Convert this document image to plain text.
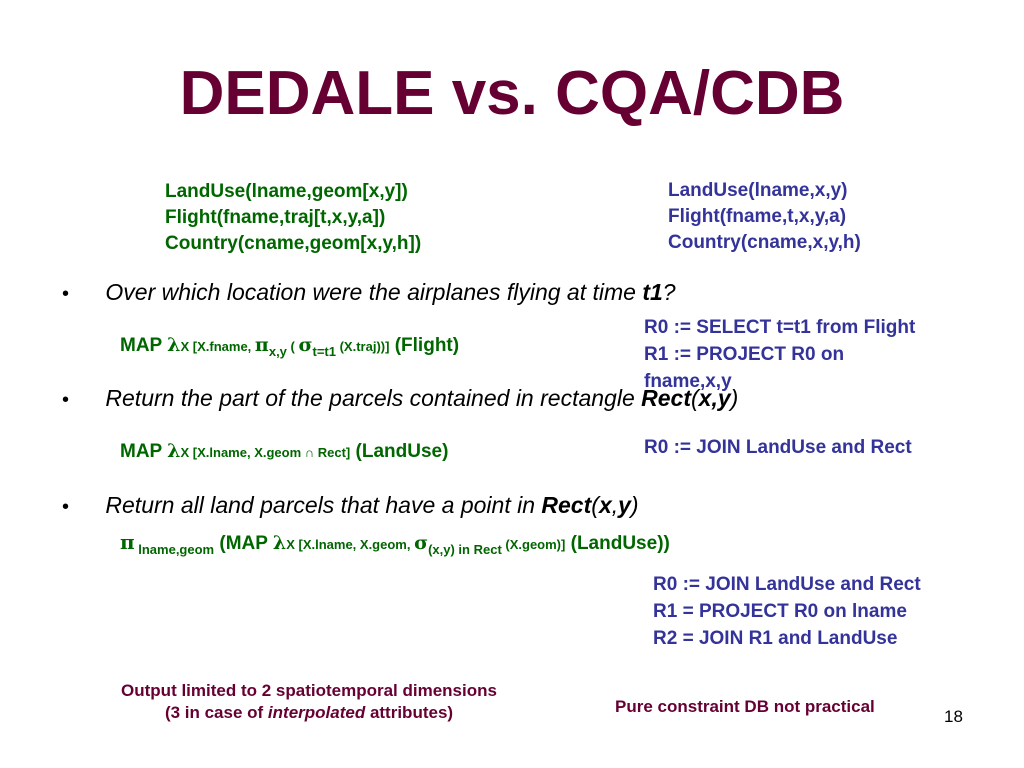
DEDALE vs. CQA/CDB
LandUse(lname,geom[x,y])
Flight(fname,traj[t,x,y,a])
Country(cname,geom[x,y,h])
LandUse(lname,x,y)
Flight(fname,t,x,y,a)
Country(cname,x,y,h)
• Over which location were the airplanes flying at time t1?
MAP λX [X.fname, $\pi_{x,y}$ ( $\sigma_{t=t1}$ (X.traj))] (Flight)
R0 := SELECT t=t1 from Flight
R1 := PROJECT R0 on
fname,x,y
• Return the part of the parcels contained in rectangle Rect(x,y)
MAP λX [X.lname, X.geom ∩ Rect] (LandUse)	R0 := JOIN LandUse and Rect
• Return all land parcels that have a point in Rect(x,y)
π $_{lname,geom}$ (MAP λX [X.lname, X.geom, $\sigma_{(x,y) in Rect}$ (X.geom)] (LandUse))
R0 := JOIN LandUse and Rect
R1 = PROJECT R0 on lname
R2 = JOIN R1 and LandUse
Output limited to 2 spatiotemporal dimensions
(3 in case of interpolated attributes)	Pure constraint DB not practical
18
